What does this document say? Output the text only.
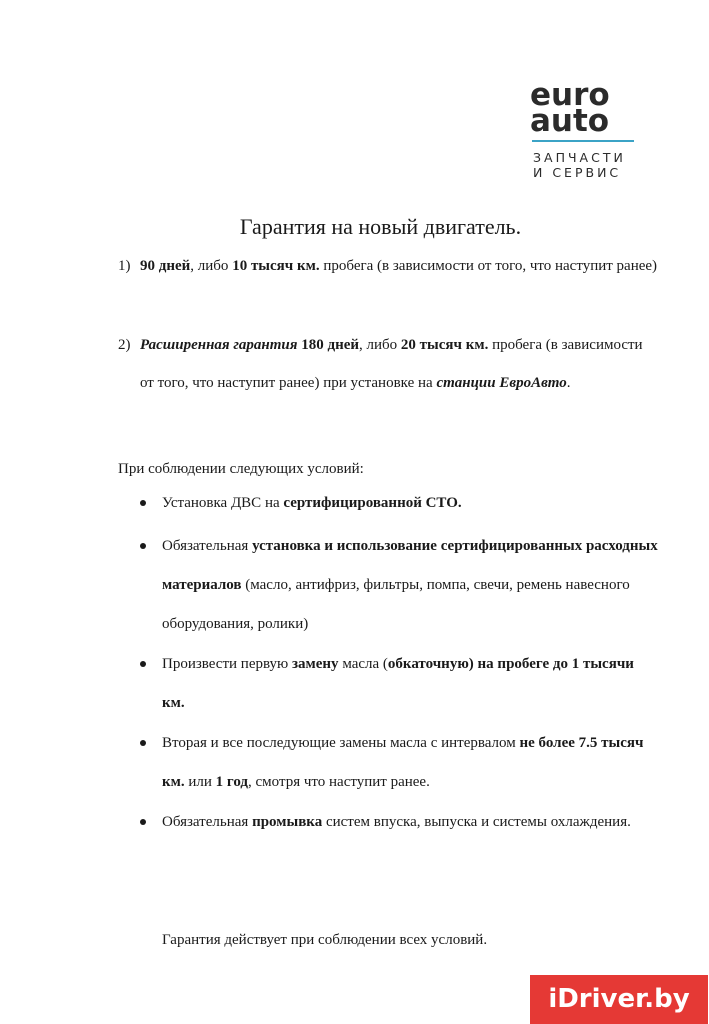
euro
auto
ЗАПЧАСТИ
И СЕРВИС
Гарантия на новый двигатель.
1) 90 дней, либо 10 тысяч км. пробега (в зависимости от того, что наступит ранее)
2) Расширенная гарантия 180 дней, либо 20 тысяч км. пробега (в зависимости от того, что наступит ранее) при установке на станции ЕвроАвто.
При соблюдении следующих условий:
Установка ДВС на сертифицированной СТО.
Обязательная установка и использование сертифицированных расходных материалов (масло, антифриз, фильтры, помпа, свечи, ремень навесного оборудования, ролики)
Произвести первую замену масла (обкаточную) на пробеге до 1 тысячи км.
Вторая и все последующие замены масла с интервалом не более 7.5 тысяч км. или 1 год, смотря что наступит ранее.
Обязательная промывка систем впуска, выпуска и системы охлаждения.
Гарантия действует при соблюдении всех условий.
iDriver.by
